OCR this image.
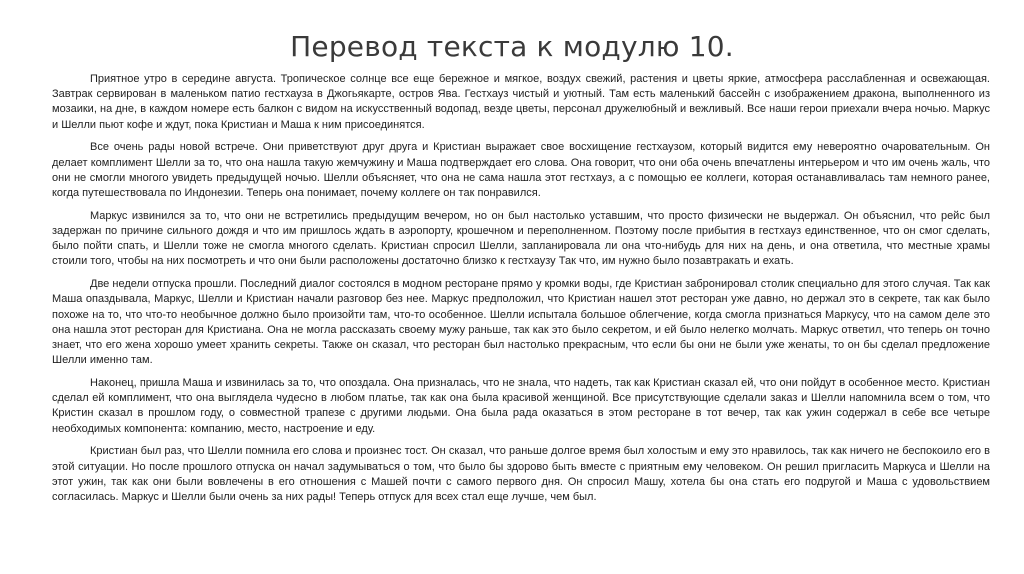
Перевод текста к модулю 10.

Приятное утро в середине августа. Тропическое солнце все еще бережное и мягкое, воздух свежий, растения и цветы яркие, атмосфера расслабленная и освежающая. Завтрак сервирован в маленьком патио гестхауза в Джогьякарте, остров Ява. Гестхауз чистый и уютный. Там есть маленький бассейн с изображением дракона, выполненного из мозаики, на дне, в каждом номере есть балкон с видом на искусственный водопад, везде цветы, персонал дружелюбный и вежливый. Все наши герои приехали вчера ночью. Маркус и Шелли пьют кофе и ждут, пока Кристиан и Маша к ним присоединятся.

Все очень рады новой встрече. Они приветствуют друг друга и Кристиан выражает свое восхищение гестхаузом, который видится ему невероятно очаровательным. Он делает комплимент Шелли за то, что она нашла такую жемчужину и Маша подтверждает его слова. Она говорит, что они оба очень впечатлены интерьером и что им очень жаль, что они не смогли многого увидеть предыдущей ночью. Шелли объясняет, что она не сама нашла этот гестхауз, а с помощью ее коллеги, которая останавливалась там немного ранее, когда путешествовала по Индонезии. Теперь она понимает, почему коллеге он так понравился.

Маркус извинился за то, что они не встретились предыдущим вечером, но он был настолько уставшим, что просто физически не выдержал. Он объяснил, что рейс был задержан по причине сильного дождя и что им пришлось ждать в аэропорту, крошечном и переполненном. Поэтому после прибытия в гестхауз единственное, что он смог сделать, было пойти спать, и Шелли тоже не смогла многого сделать. Кристиан спросил Шелли, запланировала ли она что-нибудь для них на день, и она ответила, что местные храмы стоили того, чтобы на них посмотреть и что они были расположены достаточно близко к гестхаузу Так что, им нужно было позавтракать и ехать.

Две недели отпуска прошли. Последний диалог состоялся в модном ресторане прямо у кромки воды, где Кристиан забронировал столик специально для этого случая. Так как Маша опаздывала, Маркус, Шелли и Кристиан начали разговор без нее. Маркус предположил, что Кристиан нашел этот ресторан уже давно, но держал это в секрете, так как было похоже на то, что что-то необычное должно было произойти там, что-то особенное. Шелли испытала большое облегчение, когда смогла признаться Маркусу, что на самом деле это она нашла этот ресторан для Кристиана. Она не могла рассказать своему мужу раньше, так как это было секретом, и ей было нелегко молчать. Маркус ответил, что теперь он точно знает, что его жена хорошо умеет хранить секреты. Также он сказал, что ресторан был настолько прекрасным, что если бы они не были уже женаты, то он бы сделал предложение Шелли именно там.

Наконец, пришла Маша и извинилась за то, что опоздала. Она призналась, что не знала, что надеть, так как Кристиан сказал ей, что они пойдут в особенное место. Кристиан сделал ей комплимент, что она выглядела чудесно в любом платье, так как она была красивой женщиной. Все присутствующие сделали заказ и Шелли напомнила всем о том, что Кристин сказал в прошлом году, о совместной трапезе с другими людьми. Она была рада оказаться в этом ресторане в тот вечер, так как ужин содержал в себе все четыре необходимых компонента: компанию, место, настроение и еду.

Кристиан был раз, что Шелли помнила его слова и произнес тост. Он сказал, что раньше долгое время был холостым и ему это нравилось, так как ничего не беспокоило его в этой ситуации. Но после прошлого отпуска он начал задумываться о том, что было бы здорово быть вместе с приятным ему человеком. Он решил пригласить Маркуса и Шелли на этот ужин, так как они были вовлечены в его отношения с Машей почти с самого первого дня. Он спросил Машу, хотела бы она стать его подругой и Маша с удовольствием согласилась. Маркус и Шелли были очень за них рады! Теперь отпуск для всех стал еще лучше, чем был.
